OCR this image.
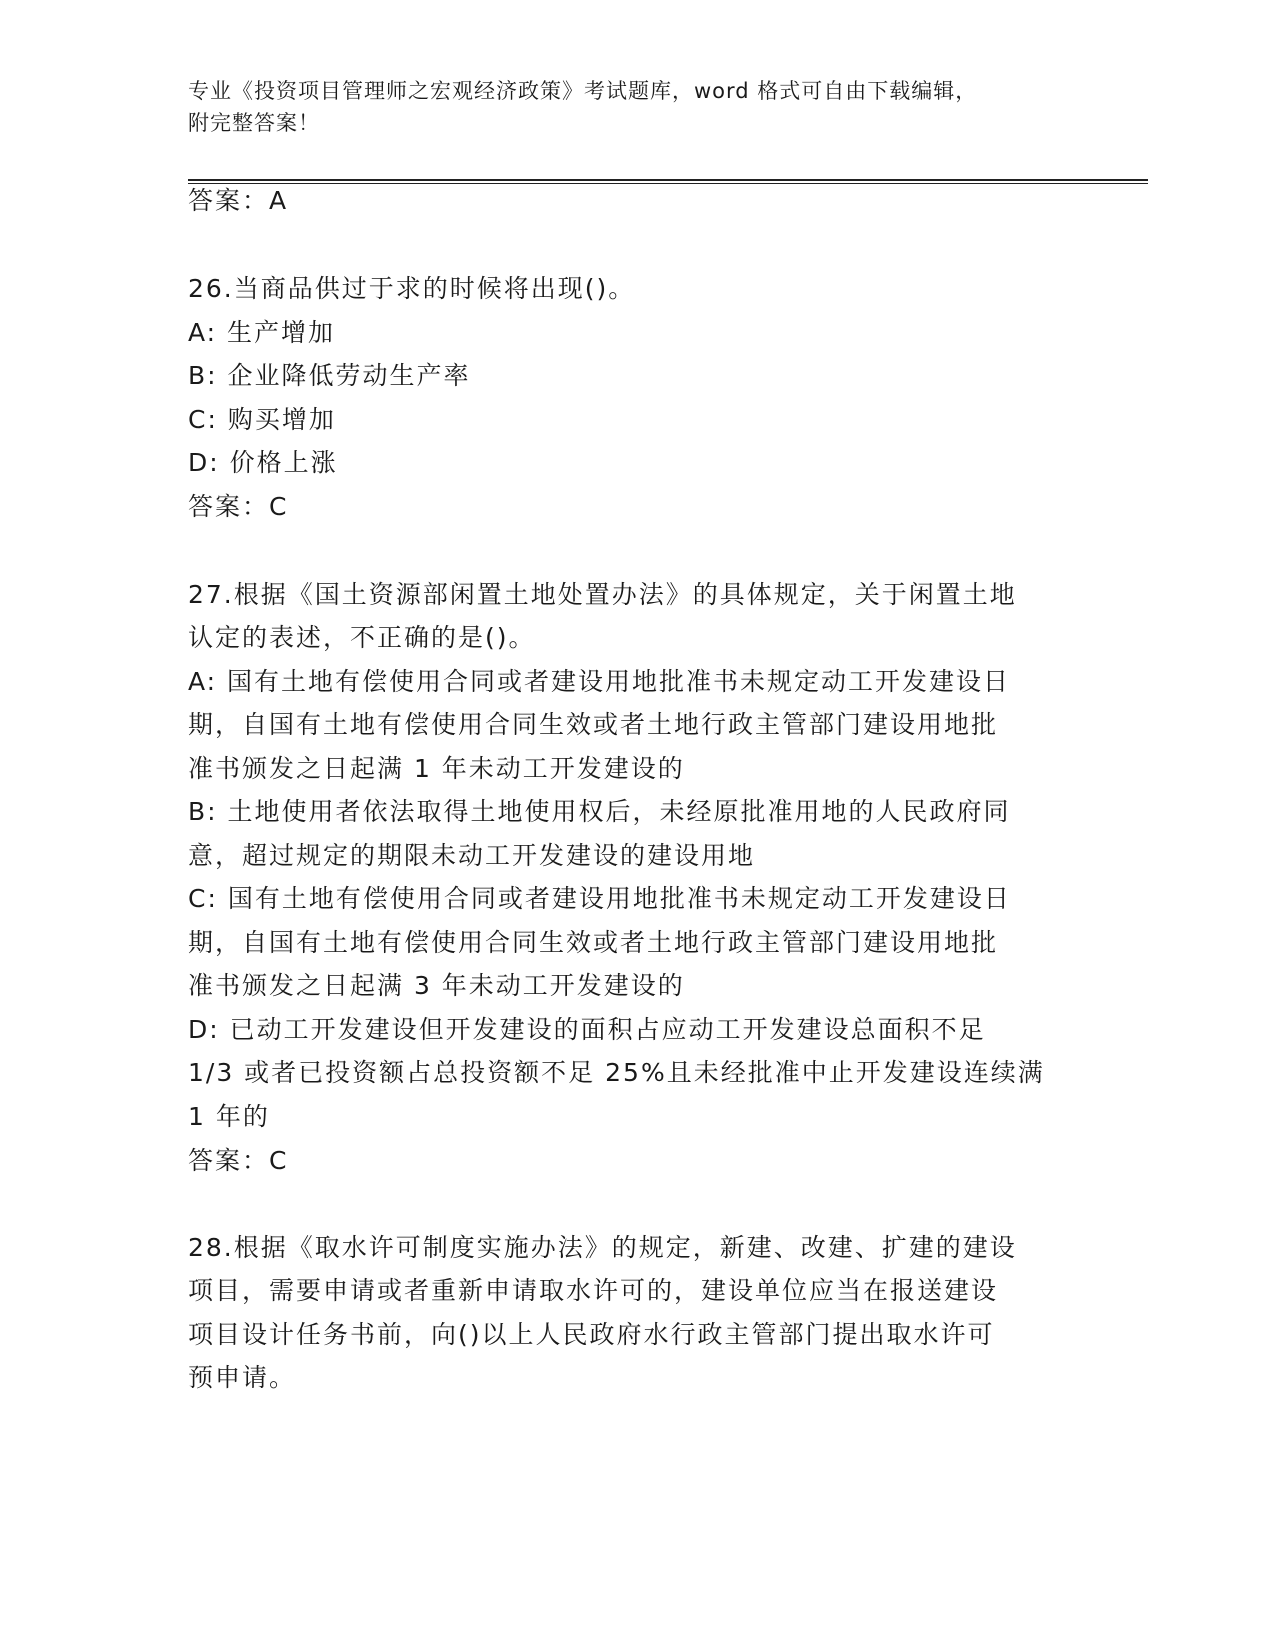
专业《投资项目管理师之宏观经济政策》考试题库，word 格式可自由下载编辑，
附完整答案！
答案：A
26.当商品供过于求的时候将出现()。
A: 生产增加
B: 企业降低劳动生产率
C: 购买增加
D: 价格上涨
答案：C
27.根据《国土资源部闲置土地处置办法》的具体规定，关于闲置土地
认定的表述，不正确的是()。
A: 国有土地有偿使用合同或者建设用地批准书未规定动工开发建设日
期，自国有土地有偿使用合同生效或者土地行政主管部门建设用地批
准书颁发之日起满 1 年未动工开发建设的
B: 土地使用者依法取得土地使用权后，未经原批准用地的人民政府同
意，超过规定的期限未动工开发建设的建设用地
C: 国有土地有偿使用合同或者建设用地批准书未规定动工开发建设日
期，自国有土地有偿使用合同生效或者土地行政主管部门建设用地批
准书颁发之日起满 3 年未动工开发建设的
D: 已动工开发建设但开发建设的面积占应动工开发建设总面积不足
1/3 或者已投资额占总投资额不足 25%且未经批准中止开发建设连续满
1 年的
答案：C
28.根据《取水许可制度实施办法》的规定，新建、改建、扩建的建设
项目，需要申请或者重新申请取水许可的，建设单位应当在报送建设
项目设计任务书前，向()以上人民政府水行政主管部门提出取水许可
预申请。
